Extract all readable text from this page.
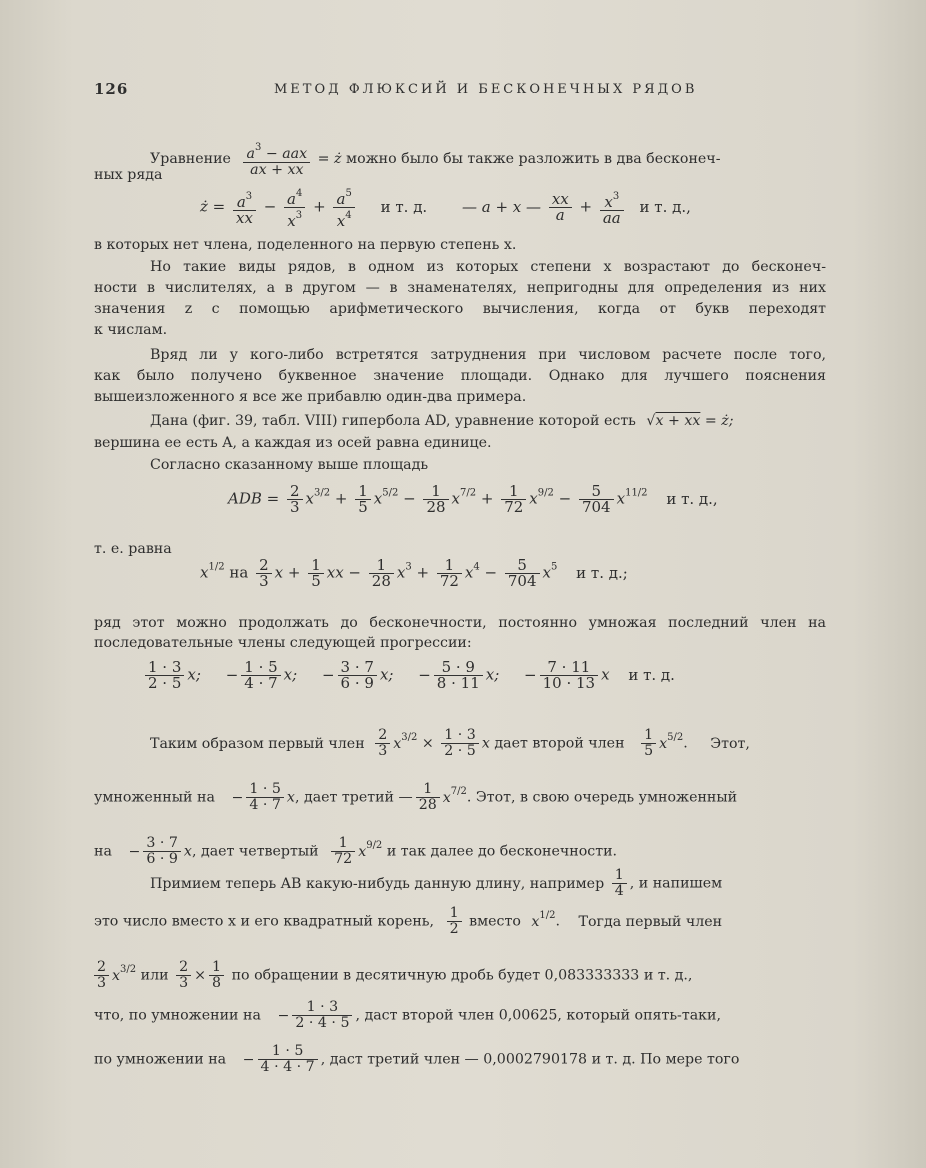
126	МЕТОД ФЛЮКСИЙ И БЕСКОНЕЧНЫХ РЯДОВ
Уравнение $a^3$ − aax
ax + xx
= ż можно было бы также разложить в два бесконеч-
ных ряда
ż = $\frac{a^3}{xx} - \frac{a^4}{x^3} + \frac{a^5}{x^4}$ и т. д. — a + x — $\frac{xx}{a} + \frac{x^3}{aa}$ и т. д.,
в которых нет члена, поделенного на первую степень x.
Но такие виды рядов, в одном из которых степени x возрастают до бесконеч-
ности в числителях, а в другом — в знаменателях, непригодны для определения из них
значения z с помощью арифметического вычисления, когда от букв переходят
к числам.
Вряд ли у кого-либо встретятся затруднения при числовом расчете после того,
как было получено буквенное значение площади. Однако для лучшего пояснения
вышеизложенного я все же прибавлю один-два примера.
Дана (фиг. 39, табл. VIII) гипербола AD, уравнение которой есть √x + xx = ż;
вершина ее есть A, а каждая из осей равна единице.
Согласно сказанному выше площадь
ADB = $\frac{2}{3} x^{3/2} + \frac{1}{5} x^{5/2} - \frac{1}{28} x^{7/2} + \frac{1}{72} x^{9/2} - \frac{5}{704} x^{11/2}$ и т. д.,
т. е. равна
$x^{1/2}$ на $\frac{2}{3}$ $x + \frac{1}{5}$ xx − $\frac{1}{28} x^3 + \frac{1}{72} x^4 - \frac{5}{704} x^5$ и т. д.;
ряд этот можно продолжать до бесконечности, постоянно умножая последний член на
последовательные члены следующей прогрессии:
$\frac{1 \cdot 3}{2 \cdot 5} x$; − $\frac{1 \cdot 5}{4 \cdot 7} x$; − $\frac{3 \cdot 7}{6 \cdot 9} x$; − $\frac{5 \cdot 9}{8 \cdot 11} x$; − $\frac{7 \cdot 11}{10 \cdot 13}$ x и т. д.
Таким образом первый член $\frac{2}{3} x^{3/2} \times \frac{1 \cdot 3}{2 \cdot 5}$ x дает второй член $\frac{1}{5} x^{5/2}$. Этот,
умноженный на − $\frac{1 \cdot 5}{4 \cdot 7} x$, дает третий — $\frac{1}{28} x^{7/2}$. Этот, в свою очередь умноженный
на − $\frac{3 \cdot 7}{6 \cdot 9} x$, дает четвертый $\frac{1}{72} x^{9/2}$ и так далее до бесконечности.
Примием теперь AB какую-нибудь данную длину, например $\frac{1}{4}$ , и напишем
это число вместо x и его квадратный корень, $\frac{1}{2}$ вместо $x^{1/2}$. Тогда первый член
$\frac{2}{3} x^{3/2}$ или $\frac{2}{3} \times \frac{1}{8}$ по обращении в десятичную дробь будет 0,083333333 и т. д.,
что, по умножении на − $\frac{1 \cdot 3}{2 \cdot 4 \cdot 5}$ , даст второй член 0,00625, который опять-таки,
по умножении на − $\frac{1 \cdot 5}{4 \cdot 4 \cdot 7}$ , даст третий член — 0,0002790178 и т. д. По мере того
